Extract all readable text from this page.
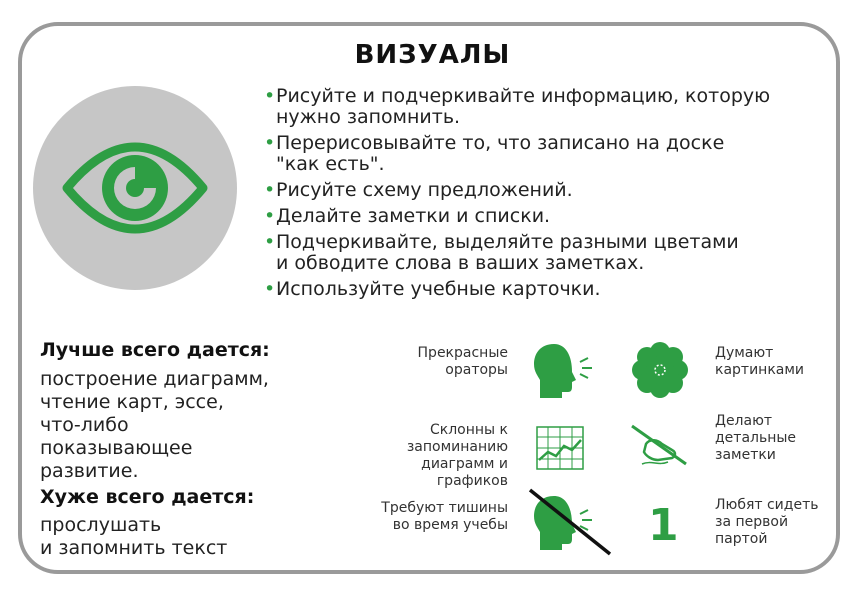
ВИЗУАЛЫ
• Рисуйте и подчеркивайте информацию, которую
нужно запомнить.
• Перерисовывайте то, что записано на доске
"как есть".
• Рисуйте схему предложений.
• Делайте заметки и списки.
• Подчеркивайте, выделяйте разными цветами
и обводите слова в ваших заметках.
• Используйте учебные карточки.
Лучше всего дается:
построение диаграмм,
чтение карт, эссе,
что-либо
показывающее
развитие.
Хуже всего дается:
прослушать
и запомнить текст
Прекрасные
ораторы
Думают
картинками
Склонны к
запоминанию
диаграмм и
графиков
Делают
детальные
заметки
Требуют тишины
во время учебы
Любят сидеть
за первой
партой
1
